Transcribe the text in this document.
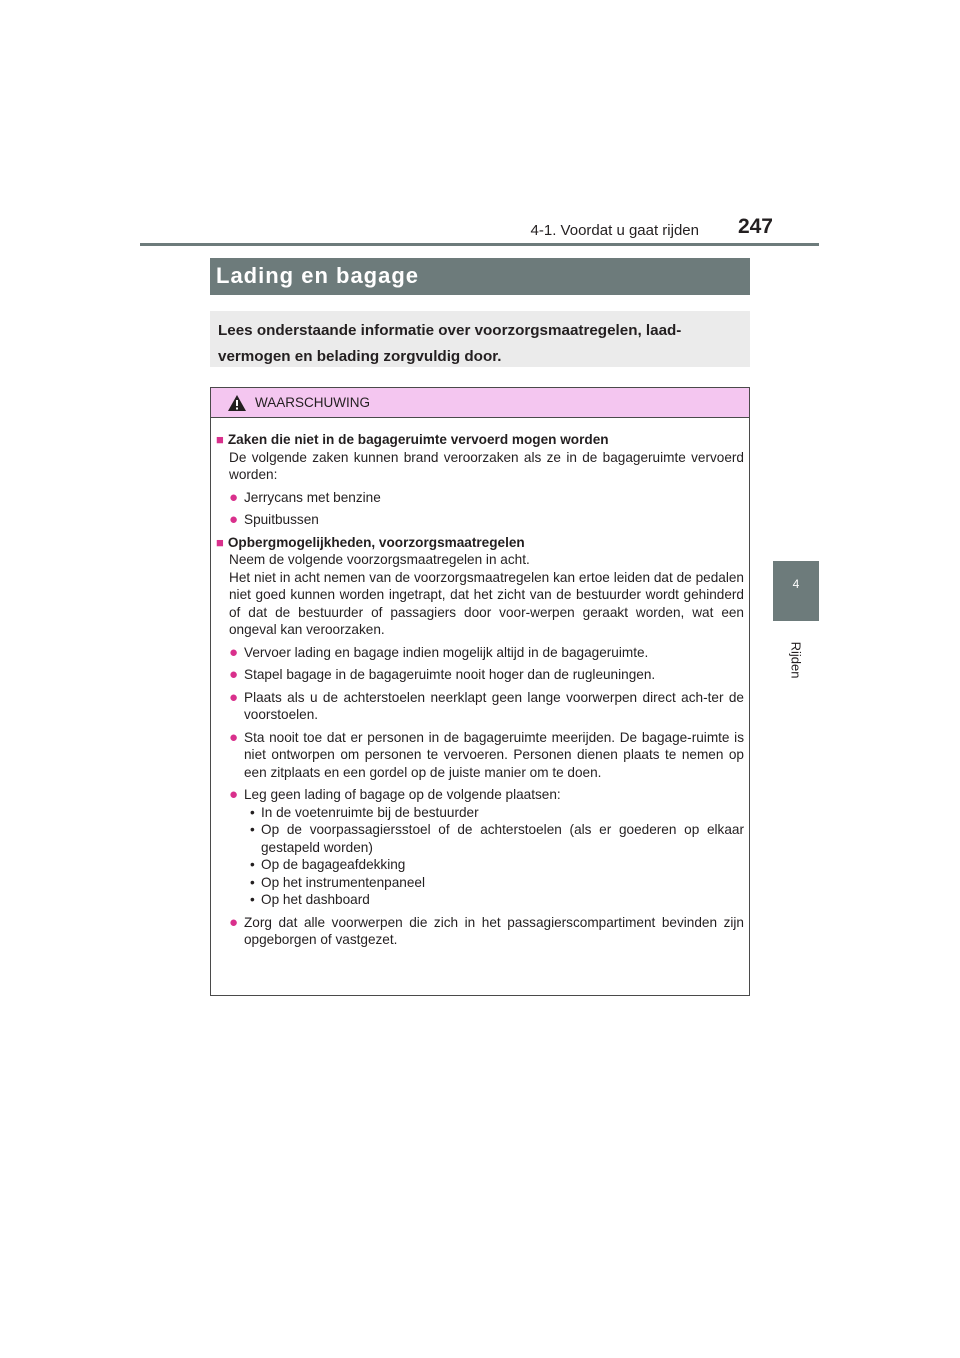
4-1. Voordat u gaat rijden 247
4
Rijden
Lading en bagage

Lees onderstaande informatie over voorzorgsmaatregelen, laad-vermogen en belading zorgvuldig door.

WAARSCHUWING
■ Zaken die niet in de bagageruimte vervoerd mogen worden
De volgende zaken kunnen brand veroorzaken als ze in de bagageruimte vervoerd worden:
● Jerrycans met benzine
● Spuitbussen
■ Opbergmogelijkheden, voorzorgsmaatregelen
Neem de volgende voorzorgsmaatregelen in acht.
Het niet in acht nemen van de voorzorgsmaatregelen kan ertoe leiden dat de pedalen niet goed kunnen worden ingetrapt, dat het zicht van de bestuurder wordt gehinderd of dat de bestuurder of passagiers door voor-werpen geraakt worden, wat een ongeval kan veroorzaken.
● Vervoer lading en bagage indien mogelijk altijd in de bagageruimte.
● Stapel bagage in de bagageruimte nooit hoger dan de rugleuningen.
● Plaats als u de achterstoelen neerklapt geen lange voorwerpen direct ach-ter de voorstoelen.
● Sta nooit toe dat er personen in de bagageruimte meerijden. De bagage-ruimte is niet ontworpen om personen te vervoeren. Personen dienen plaats te nemen op een zitplaats en een gordel op de juiste manier om te doen.
● Leg geen lading of bagage op de volgende plaatsen:
• In de voetenruimte bij de bestuurder
• Op de voorpassagiersstoel of de achterstoelen (als er goederen op elkaar gestapeld worden)
• Op de bagageafdekking
• Op het instrumentenpaneel
• Op het dashboard
● Zorg dat alle voorwerpen die zich in het passagierscompartiment bevinden zijn opgeborgen of vastgezet.
